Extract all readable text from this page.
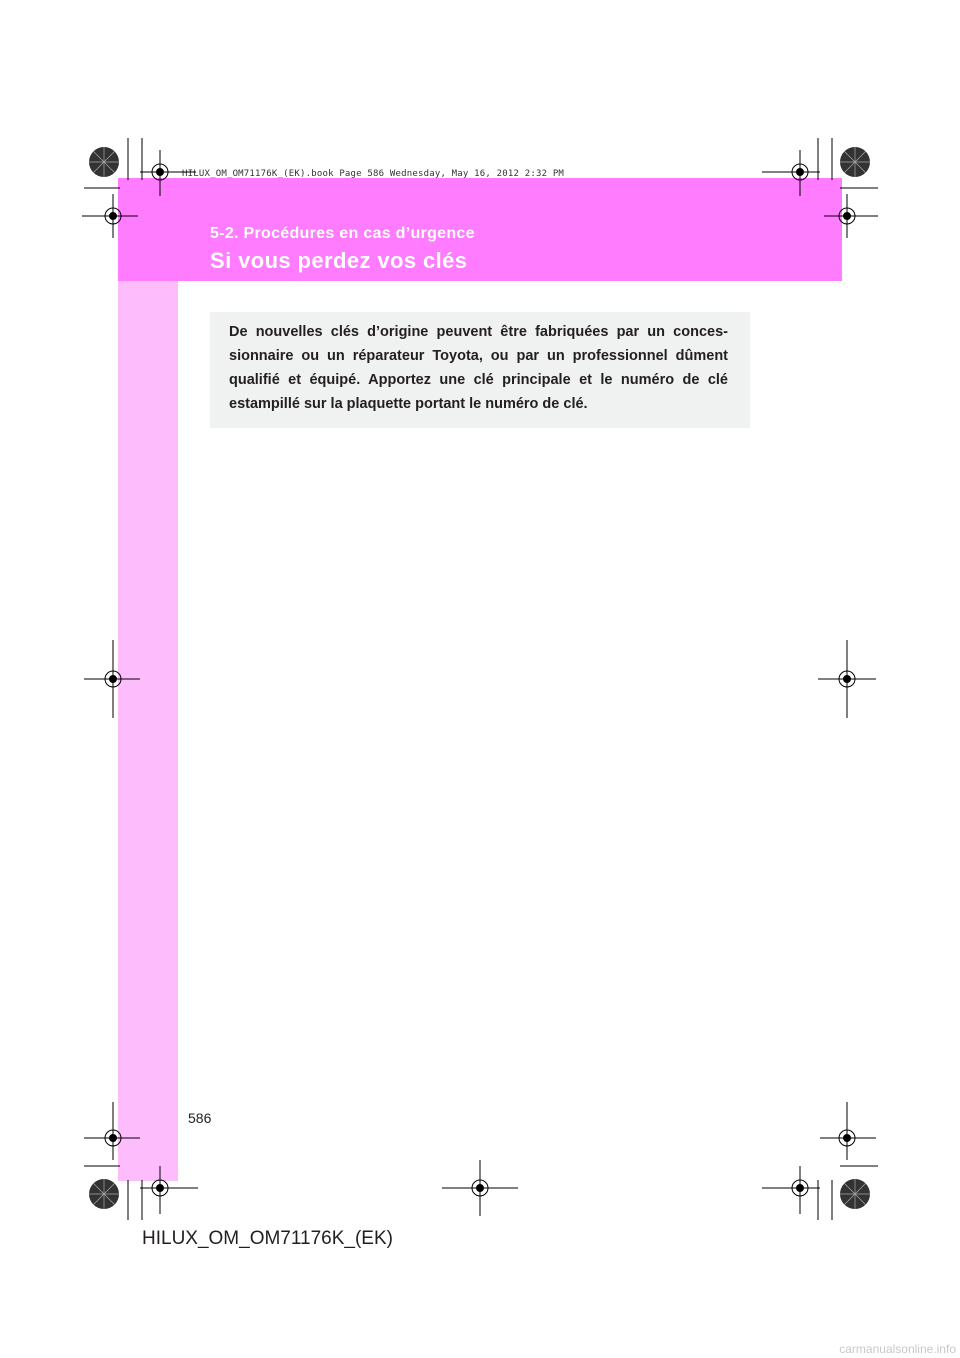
HILUX_OM_OM71176K_(EK).book Page 586 Wednesday, May 16, 2012 2:32 PM
5-2. Procédures en cas d’urgence
Si vous perdez vos clés

De nouvelles clés d’origine peuvent être fabriquées par un conces-sionnaire ou un réparateur Toyota, ou par un professionnel dûment qualifié et équipé. Apportez une clé principale et le numéro de clé estampillé sur la plaquette portant le numéro de clé.

586
HILUX_OM_OM71176K_(EK)
carmanualsonline.info
